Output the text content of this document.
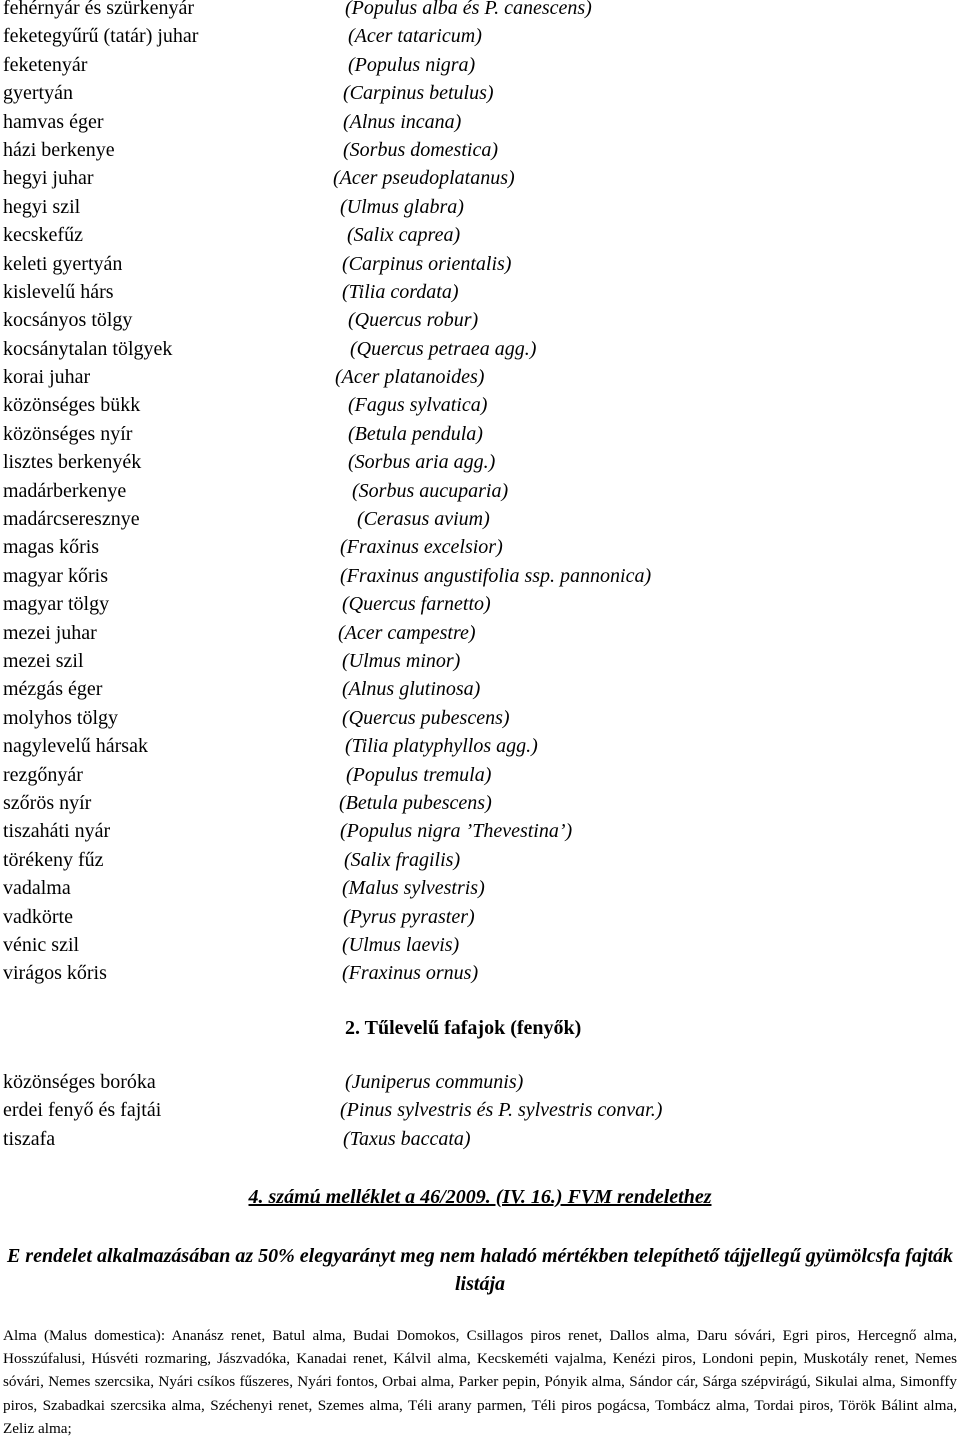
fehérnyár és szürkenyár	(Populus alba és P. canescens)
feketegyűrű (tatár) juhar	(Acer tataricum)
feketenyár	(Populus nigra)
gyertyán	(Carpinus betulus)
hamvas éger	(Alnus incana)
házi berkenye	(Sorbus domestica)
hegyi juhar	(Acer pseudoplatanus)
hegyi szil	(Ulmus glabra)
kecskefűz	(Salix caprea)
keleti gyertyán	(Carpinus orientalis)
kislevelű hárs	(Tilia cordata)
kocsányos tölgy	(Quercus robur)
kocsánytalan tölgyek	(Quercus petraea agg.)
korai juhar	(Acer platanoides)
közönséges bükk	(Fagus sylvatica)
közönséges nyír	(Betula pendula)
lisztes berkenyék	(Sorbus aria agg.)
madárberkenye	(Sorbus aucuparia)
madárcseresznye	(Cerasus avium)
magas kőris	(Fraxinus excelsior)
magyar kőris	(Fraxinus angustifolia ssp. pannonica)
magyar tölgy	(Quercus farnetto)
mezei juhar	(Acer campestre)
mezei szil	(Ulmus minor)
mézgás éger	(Alnus glutinosa)
molyhos tölgy	(Quercus pubescens)
nagylevelű hársak	(Tilia platyphyllos agg.)
rezgőnyár	(Populus tremula)
szőrös nyír	(Betula pubescens)
tiszaháti nyár	(Populus nigra ’Thevestina’)
törékeny fűz	(Salix fragilis)
vadalma	(Malus sylvestris)
vadkörte	(Pyrus pyraster)
vénic szil	(Ulmus laevis)
virágos kőris	(Fraxinus ornus)
2. Tűlevelű fafajok (fenyők)
közönséges boróka	(Juniperus communis)
erdei fenyő és fajtái	(Pinus sylvestris és P. sylvestris convar.)
tiszafa	(Taxus baccata)
4. számú melléklet a 46/2009. (IV. 16.) FVM rendelethez
E rendelet alkalmazásában az 50% elegyarányt meg nem haladó mértékben telepíthető tájjellegű gyümölcsfa fajták listája
Alma (Malus domestica): Ananász renet, Batul alma, Budai Domokos, Csillagos piros renet, Dallos alma, Daru sóvári, Egri piros, Hercegnő alma, Hosszúfalusi, Húsvéti rozmaring, Jászvadóka, Kanadai renet, Kálvil alma, Kecskeméti vajalma, Kenézi piros, Londoni pepin, Muskotály renet, Nemes sóvári, Nemes szercsika, Nyári csíkos fűszeres, Nyári fontos, Orbai alma, Parker pepin, Pónyik alma, Sándor cár, Sárga szépvirágú, Sikulai alma, Simonffy piros, Szabadkai szercsika alma, Széchenyi renet, Szemes alma, Téli arany parmen, Téli piros pogácsa, Tombácz alma, Tordai piros, Török Bálint alma, Zeliz alma;
